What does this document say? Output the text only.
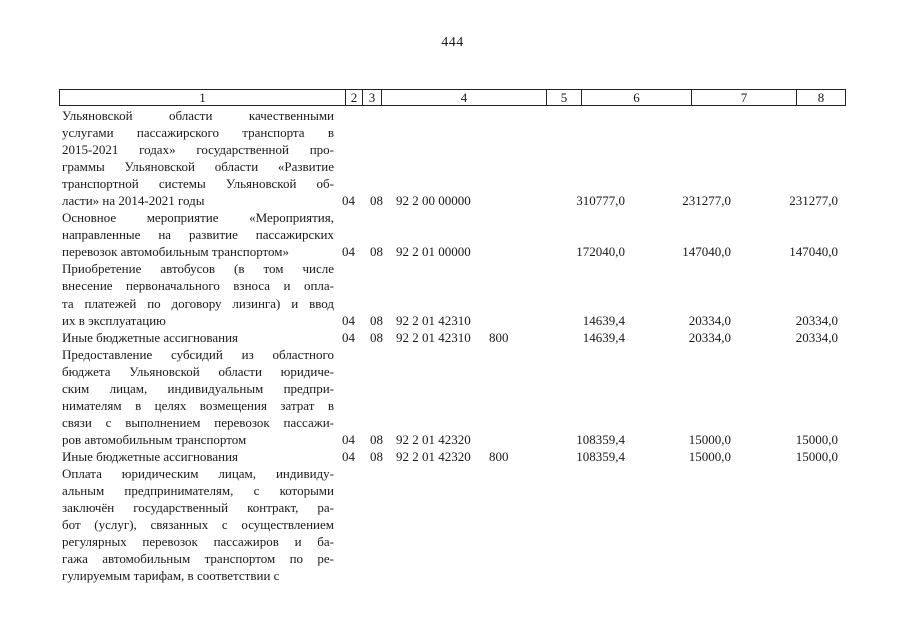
444
1	2 3	4	5	6	7	8
Ульяновской области качественными
услугами пассажирского транспорта в
2015-2021 годах» государственной про-
граммы Ульяновской области «Развитие
транспортной системы Ульяновской об-
ласти» на 2014-2021 годы	04 08 92 2 00 00000	310777,0	231277,0	231277,0
Основное мероприятие «Мероприятия,
направленные на развитие пассажирских
перевозок автомобильным транспортом»	04 08 92 2 01 00000	172040,0	147040,0	147040,0
Приобретение автобусов (в том числе
внесение первоначального взноса и опла-
та платежей по договору лизинга) и ввод
их в эксплуатацию	04 08 92 2 01 42310	14639,4	20334,0	20334,0
Иные бюджетные ассигнования	04 08 92 2 01 42310 800	14639,4	20334,0	20334,0
Предоставление субсидий из областного
бюджета Ульяновской области юридиче-
ским лицам, индивидуальным предпри-
нимателям в целях возмещения затрат в
связи с выполнением перевозок пассажи-
ров автомобильным транспортом	04 08 92 2 01 42320	108359,4	15000,0	15000,0
Иные бюджетные ассигнования	04 08 92 2 01 42320 800	108359,4	15000,0	15000,0
Оплата юридическим лицам, индивиду-
альным предпринимателям, с которыми
заключён государственный контракт, ра-
бот (услуг), связанных с осуществлением
регулярных перевозок пассажиров и ба-
гажа автомобильным транспортом по ре-
гулируемым тарифам, в соответствии с
